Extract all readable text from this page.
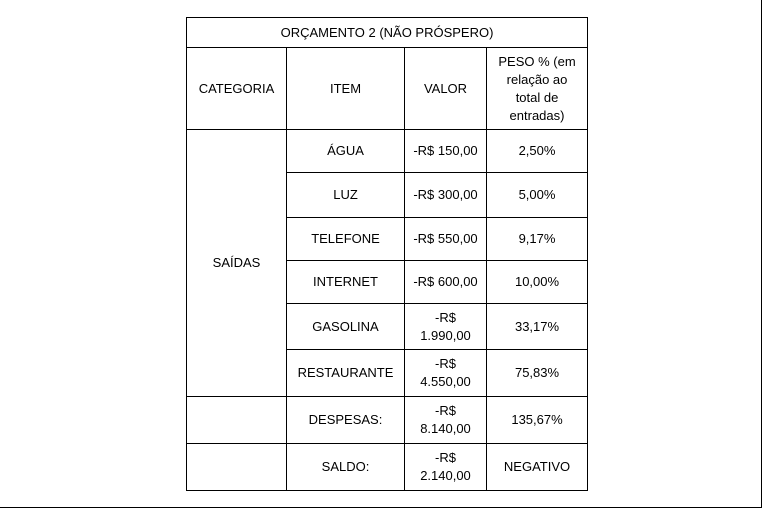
ORÇAMENTO 2 (NÃO PRÓSPERO)			
CATEGORIA	ITEM	VALOR	PESO % (em relação ao total de entradas)
SAÍDAS	ÁGUA	-R$ 150,00	2,50%
	LUZ	-R$ 300,00	5,00%
	TELEFONE	-R$ 550,00	9,17%
	INTERNET	-R$ 600,00	10,00%
	GASOLINA	-R$ 1.990,00	33,17%
	RESTAURANTE	-R$ 4.550,00	75,83%
	DESPESAS:	-R$ 8.140,00	135,67%
	SALDO:	-R$ 2.140,00	NEGATIVO
